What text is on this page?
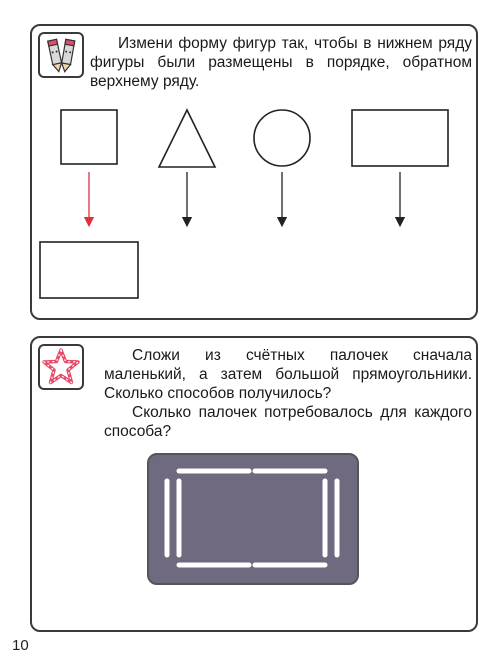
Измени форму фигур так, чтобы в нижнем ряду фигуры были размещены в порядке, обратном верхнему ряду.

Сложи из счётных палочек сначала маленький, а затем большой прямоугольники. Сколько способов получилось?

Сколько палочек потребовалось для каждого способа?

10
